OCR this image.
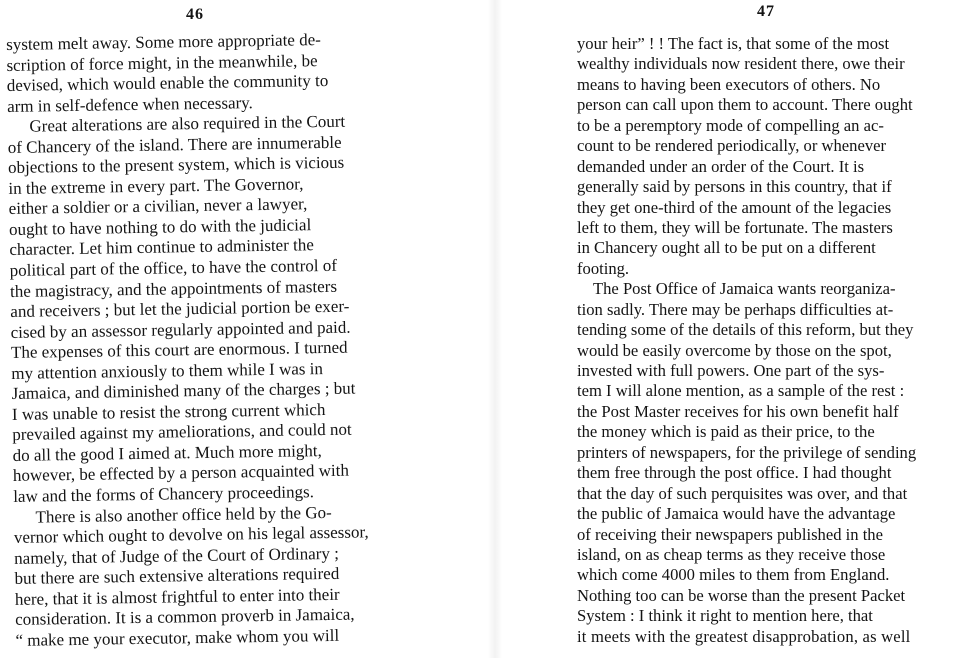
46
system melt away. Some more appropriate de-
scription of force might, in the meanwhile, be
devised, which would enable the community to
arm in self-defence when necessary.
Great alterations are also required in the Court
of Chancery of the island. There are innumerable
objections to the present system, which is vicious
in the extreme in every part. The Governor,
either a soldier or a civilian, never a lawyer,
ought to have nothing to do with the judicial
character. Let him continue to administer the
political part of the office, to have the control of
the magistracy, and the appointments of masters
and receivers ; but let the judicial portion be exer-
cised by an assessor regularly appointed and paid.
The expenses of this court are enormous. I turned
my attention anxiously to them while I was in
Jamaica, and diminished many of the charges ; but
I was unable to resist the strong current which
prevailed against my ameliorations, and could not
do all the good I aimed at. Much more might,
however, be effected by a person acquainted with
law and the forms of Chancery proceedings.
There is also another office held by the Go-
vernor which ought to devolve on his legal assessor,
namely, that of Judge of the Court of Ordinary ;
but there are such extensive alterations required
here, that it is almost frightful to enter into their
consideration. It is a common proverb in Jamaica,
“ make me your executor, make whom you will
47
your heir” ! ! The fact is, that some of the most
wealthy individuals now resident there, owe their
means to having been executors of others. No
person can call upon them to account. There ought
to be a peremptory mode of compelling an ac-
count to be rendered periodically, or whenever
demanded under an order of the Court. It is
generally said by persons in this country, that if
they get one-third of the amount of the legacies
left to them, they will be fortunate. The masters
in Chancery ought all to be put on a different
footing.
The Post Office of Jamaica wants reorganiza-
tion sadly. There may be perhaps difficulties at-
tending some of the details of this reform, but they
would be easily overcome by those on the spot,
invested with full powers. One part of the sys-
tem I will alone mention, as a sample of the rest :
the Post Master receives for his own benefit half
the money which is paid as their price, to the
printers of newspapers, for the privilege of sending
them free through the post office. I had thought
that the day of such perquisites was over, and that
the public of Jamaica would have the advantage
of receiving their newspapers published in the
island, on as cheap terms as they receive those
which come 4000 miles to them from England.
Nothing too can be worse than the present Packet
System : I think it right to mention here, that
it meets with the greatest disapprobation, as well
